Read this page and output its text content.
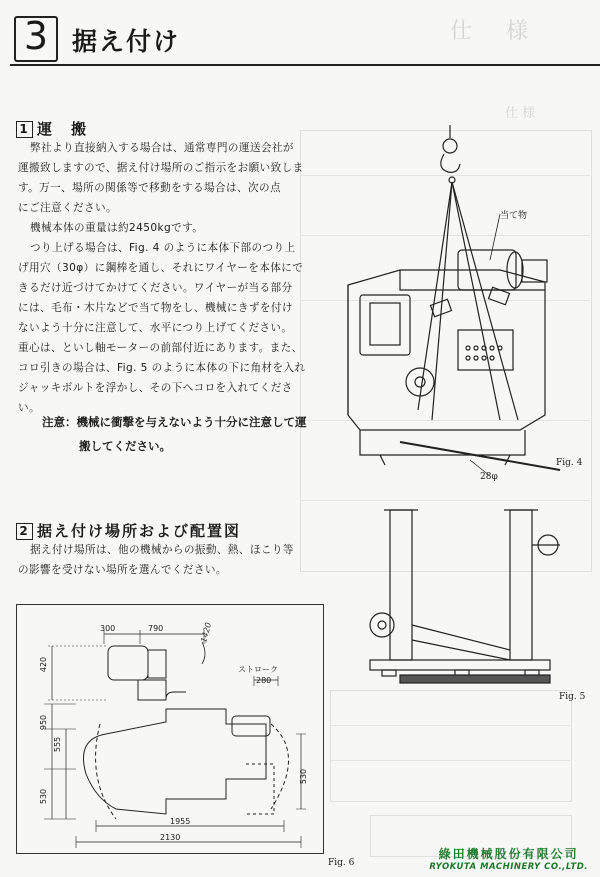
仕　様
仕 様
3 据え付け
1 運　搬
弊社より直接納入する場合は、通常専門の運送会社が
運搬致しますので、据え付け場所のご指示をお願い致しま
す。万一、場所の関係等で移動をする場合は、次の点
にご注意ください。
機械本体の重量は約2450kgです。
つり上げる場合は、Fig. 4 のように本体下部のつり上
げ用穴（30φ）に鋼棒を通し、それにワイヤーを本体にで
きるだけ近づけてかけてください。ワイヤーが当る部分
には、毛布・木片などで当て物をし、機械にきずを付け
ないよう十分に注意して、水平につり上げてください。
重心は、といし軸モーターの前部付近にあります。また、
コロ引きの場合は、Fig. 5 のように本体の下に角材を入れ
ジャッキボルトを浮かし、その下へコロを入れてくださ
い。
注意：機械に衝撃を与えないよう十分に注意して運
搬してください。
2 据え付け場所および配置図
据え付け場所は、他の機械からの振動、熱、ほこり等
の影響を受けない場所を選んでください。
当て物
28φ
Fig. 4
Fig. 5
300	790
420	ストローク
280
950
555
530
530
1955
2130
1420
Fig. 6
綠田機械股份有限公司
RYOKUTA MACHINERY CO.,LTD.
